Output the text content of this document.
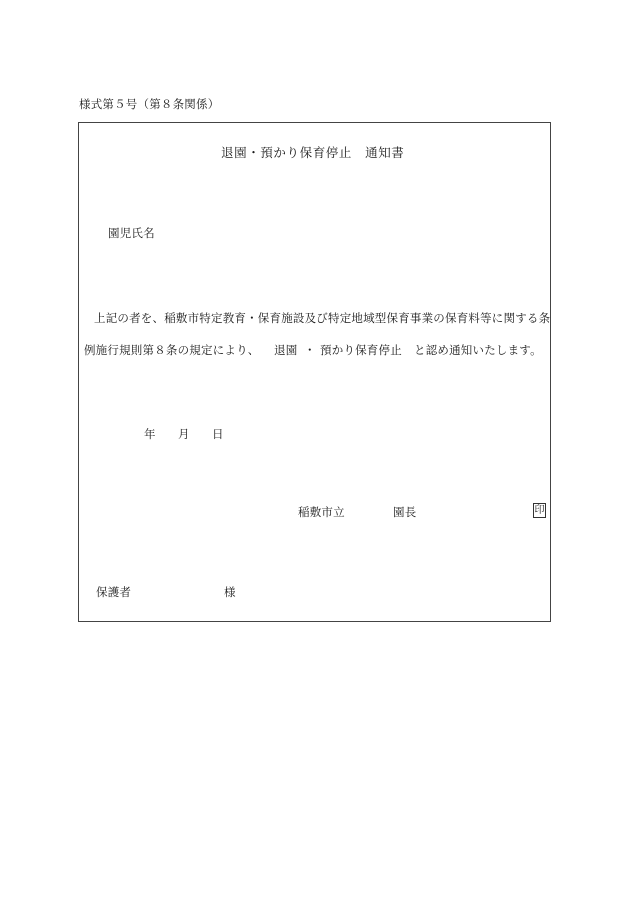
様式第５号（第８条関係）
退園・預かり保育停止　通知書
園児氏名
上記の者を、稲敷市特定教育・保育施設及び特定地域型保育事業の保育料等に関する条
例施行規則第８条の規定により、 退園 ・ 預かり保育停止 と認め通知いたします。
年 月 日
稲敷市立	園長	印
保護者	様
